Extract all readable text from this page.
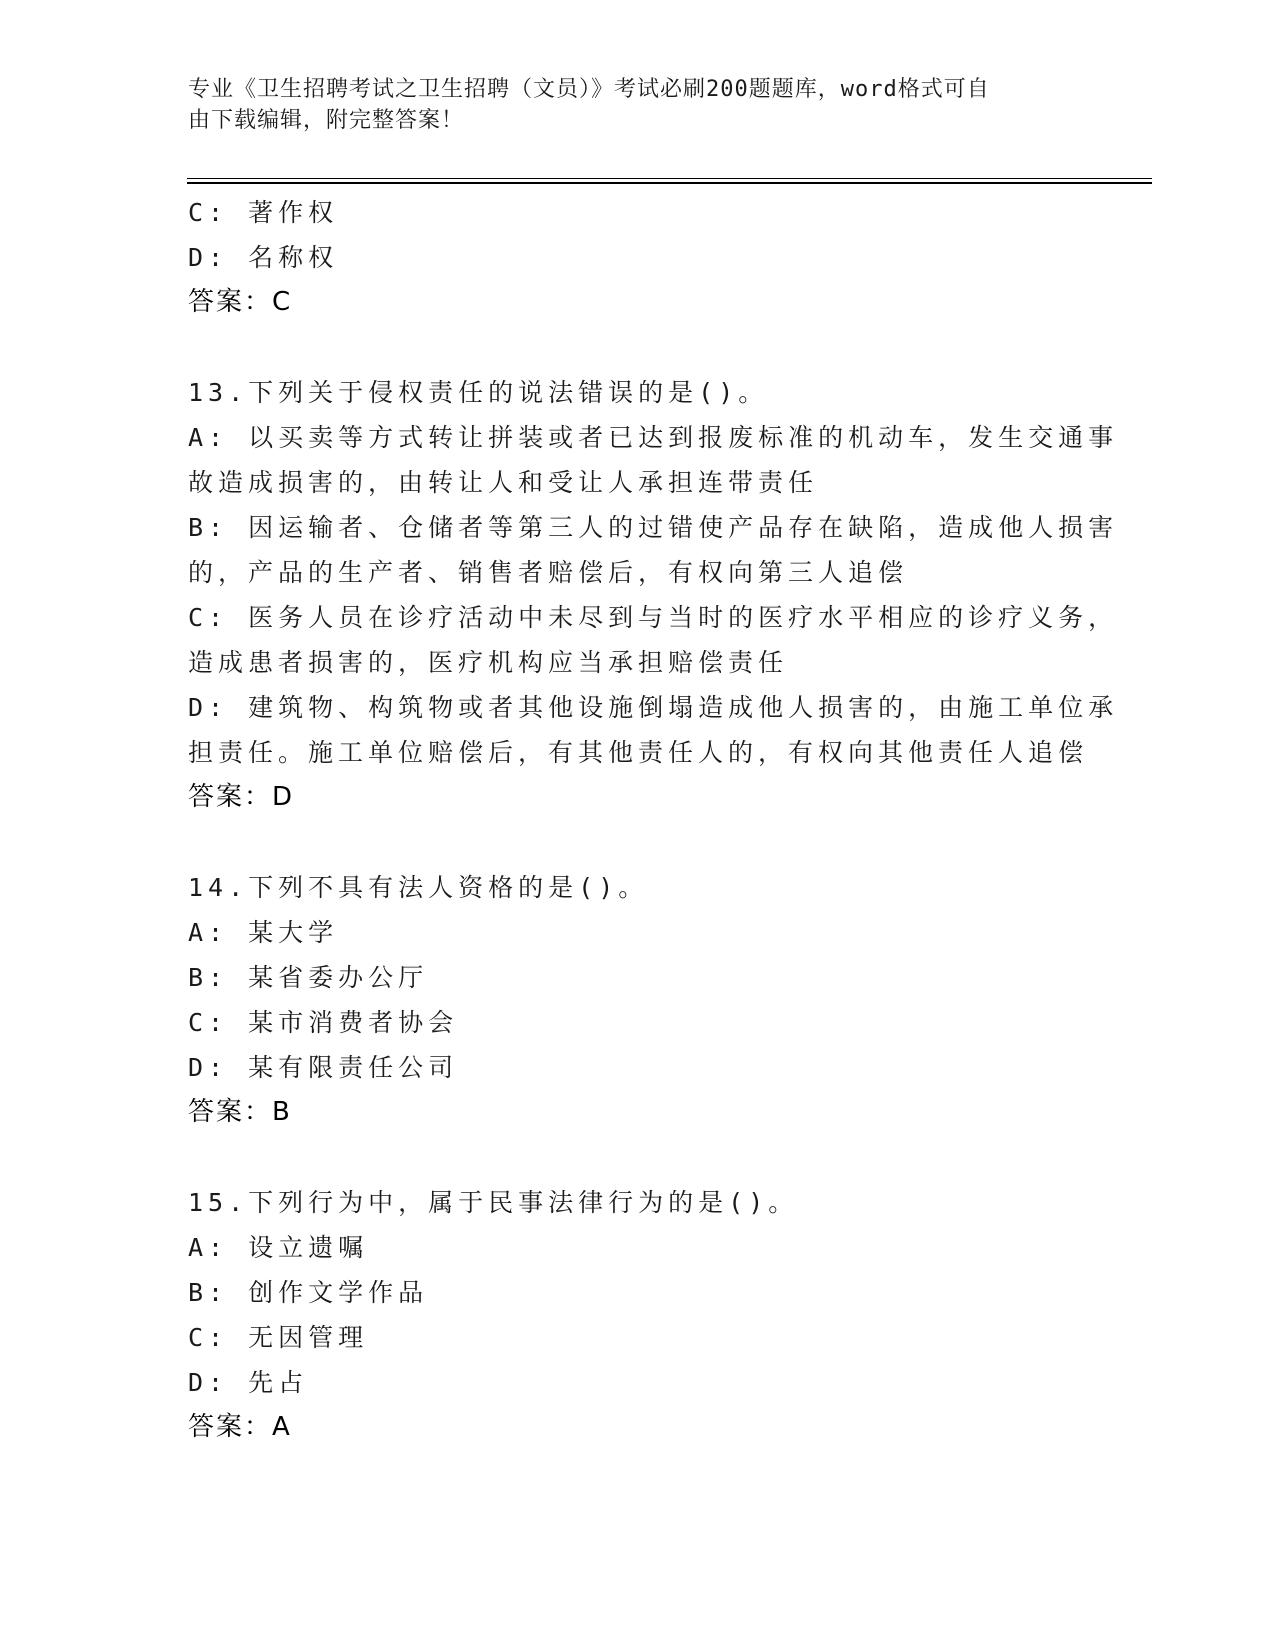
专业《卫生招聘考试之卫生招聘（文员）》考试必刷200题题库，word格式可自
由下载编辑，附完整答案！
C: 著作权
D: 名称权
答案：C
13.下列关于侵权责任的说法错误的是()。
A: 以买卖等方式转让拼装或者已达到报废标准的机动车，发生交通事
故造成损害的，由转让人和受让人承担连带责任
B: 因运输者、仓储者等第三人的过错使产品存在缺陷，造成他人损害
的，产品的生产者、销售者赔偿后，有权向第三人追偿
C: 医务人员在诊疗活动中未尽到与当时的医疗水平相应的诊疗义务，
造成患者损害的，医疗机构应当承担赔偿责任
D: 建筑物、构筑物或者其他设施倒塌造成他人损害的，由施工单位承
担责任。施工单位赔偿后，有其他责任人的，有权向其他责任人追偿
答案：D
14.下列不具有法人资格的是()。
A: 某大学
B: 某省委办公厅
C: 某市消费者协会
D: 某有限责任公司
答案：B
15.下列行为中，属于民事法律行为的是()。
A: 设立遗嘱
B: 创作文学作品
C: 无因管理
D: 先占
答案：A
